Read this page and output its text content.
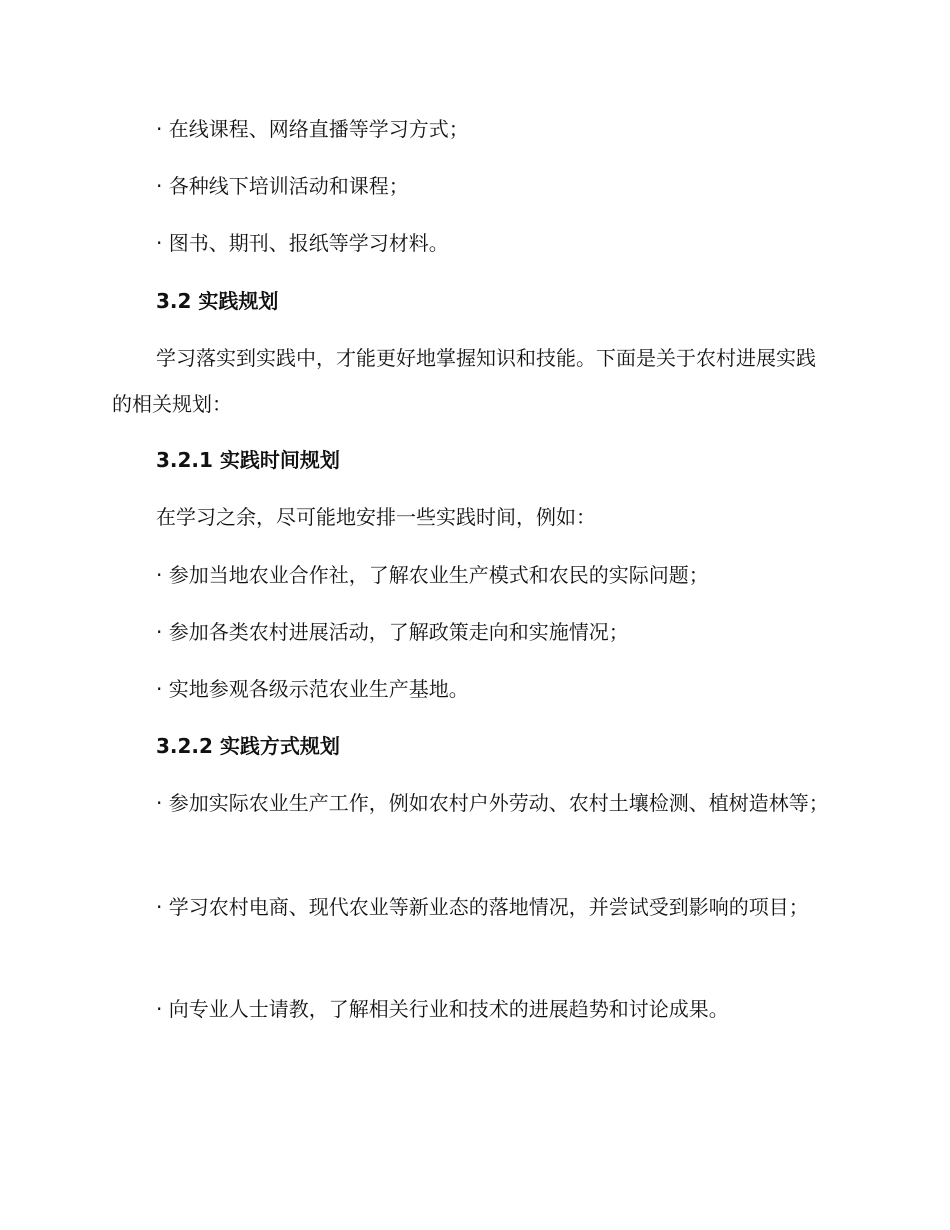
· 在线课程、网络直播等学习方式；

· 各种线下培训活动和课程；

· 图书、期刊、报纸等学习材料。

3.2 实践规划

学习落实到实践中，才能更好地掌握知识和技能。下面是关于农村进展实践的相关规划：

3.2.1 实践时间规划

在学习之余，尽可能地安排一些实践时间，例如：

· 参加当地农业合作社，了解农业生产模式和农民的实际问题；

· 参加各类农村进展活动，了解政策走向和实施情况；

· 实地参观各级示范农业生产基地。

3.2.2 实践方式规划

· 参加实际农业生产工作，例如农村户外劳动、农村土壤检测、植树造林等；

· 学习农村电商、现代农业等新业态的落地情况，并尝试受到影响的项目；

· 向专业人士请教，了解相关行业和技术的进展趋势和讨论成果。
